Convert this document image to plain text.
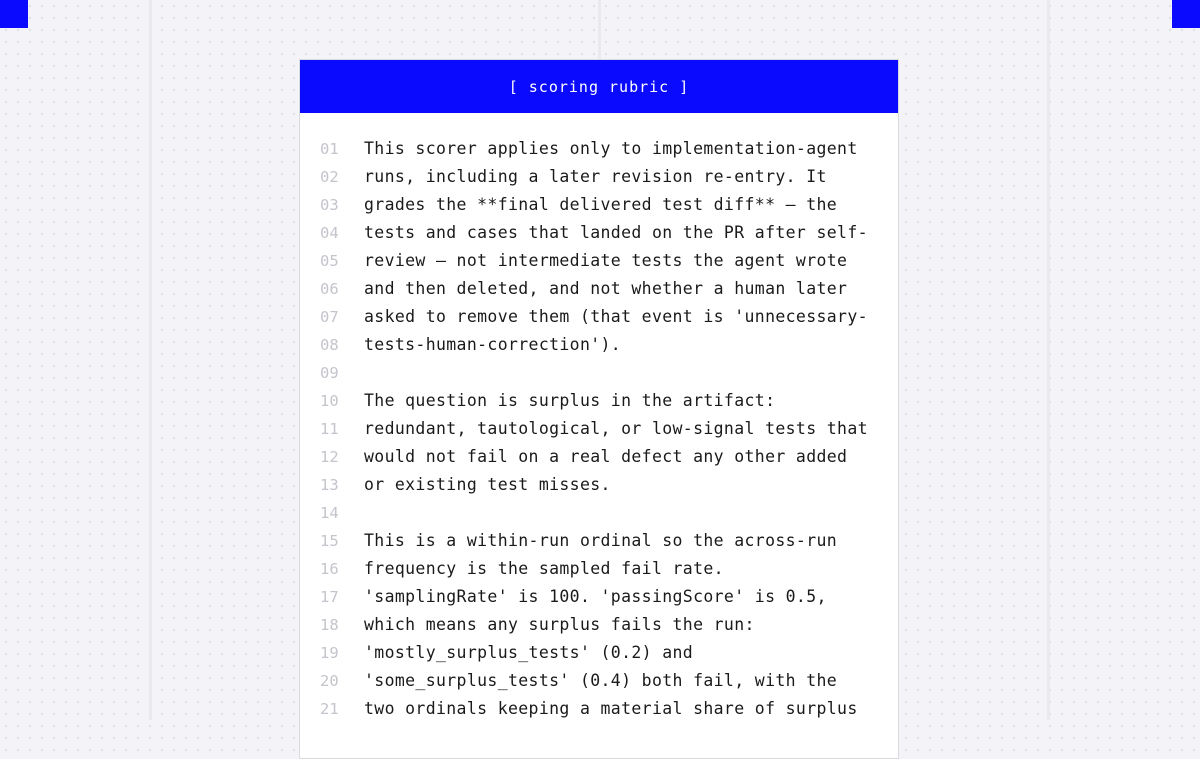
[ scoring rubric ]
01	This scorer applies only to implementation-agent
02	runs, including a later revision re-entry. It
03	grades the **final delivered test diff** — the
04	tests and cases that landed on the PR after self-
05	review — not intermediate tests the agent wrote
06	and then deleted, and not whether a human later
07	asked to remove them (that event is 'unnecessary-
08	tests-human-correction').
09
10	The question is surplus in the artifact:
11	redundant, tautological, or low-signal tests that
12	would not fail on a real defect any other added
13	or existing test misses.
14
15	This is a within-run ordinal so the across-run
16	frequency is the sampled fail rate.
17	'samplingRate' is 100. 'passingScore' is 0.5,
18	which means any surplus fails the run:
19	'mostly_surplus_tests' (0.2) and
20	'some_surplus_tests' (0.4) both fail, with the
21	two ordinals keeping a material share of surplus
